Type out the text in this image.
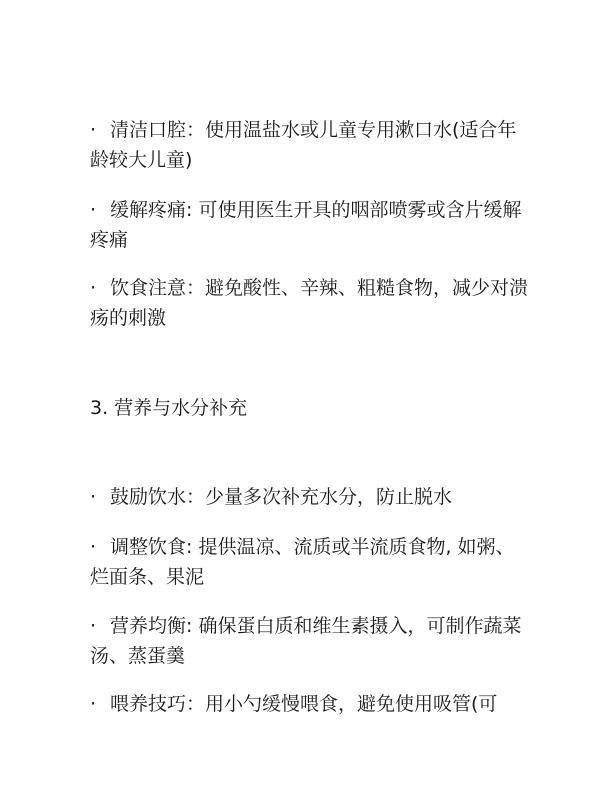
· 清洁口腔：使用温盐水或儿童专用漱口水(适合年龄较大儿童)

· 缓解疼痛: 可使用医生开具的咽部喷雾或含片缓解疼痛

· 饮食注意：避免酸性、辛辣、粗糙食物，减少对溃疡的刺激

3. 营养与水分补充

· 鼓励饮水：少量多次补充水分，防止脱水

· 调整饮食: 提供温凉、流质或半流质食物, 如粥、烂面条、果泥

· 营养均衡: 确保蛋白质和维生素摄入，可制作蔬菜汤、蒸蛋羹

· 喂养技巧：用小勺缓慢喂食，避免使用吸管(可
